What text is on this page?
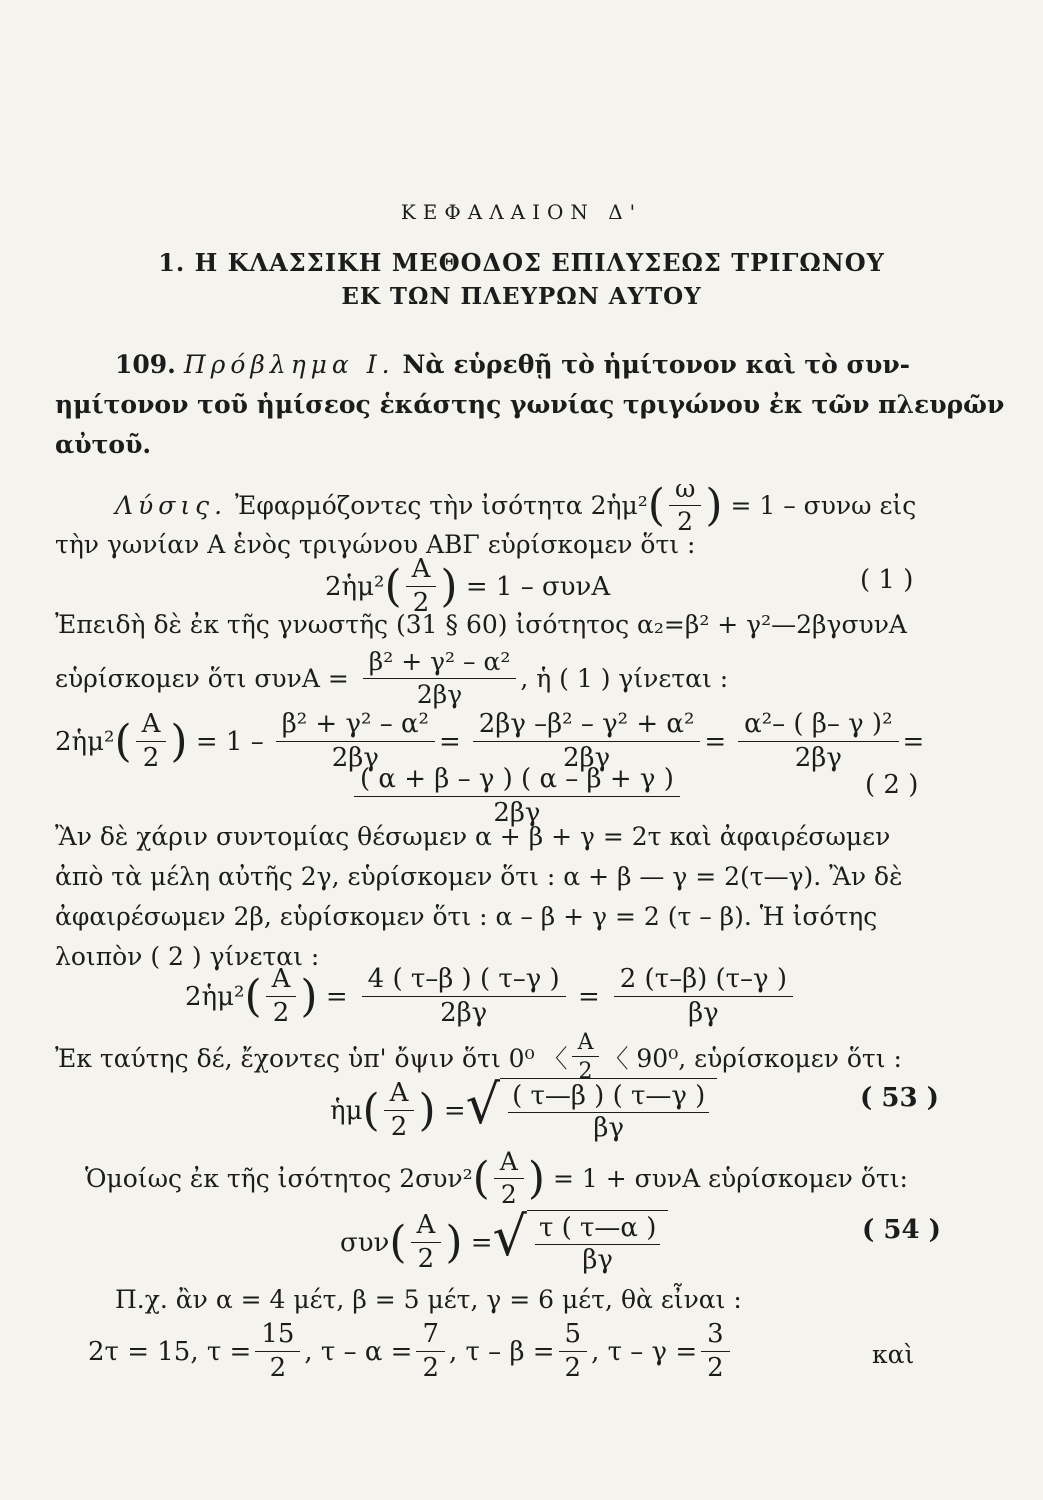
ΚΕΦΑΛΑΙΟΝ Δ'
1. Η ΚΛΑΣΣΙΚΗ ΜΕΘΟΔΟΣ ΕΠΙΛΥΣΕΩΣ ΤΡΙΓΩΝΟΥ
ΕΚ ΤΩΝ ΠΛΕΥΡΩΝ ΑΥΤΟΥ
109. Πρόβλημα Ι. Νὰ εὑρεθῇ τὸ ἡμίτονον καὶ τὸ συν-
ημίτονον τοῦ ἡμίσεος ἑκάστης γωνίας τριγώνου ἐκ τῶν πλευρῶν
αὐτοῦ.
Λύσις.
Ἐφαρμόζοντες τὴν ἰσότητα 2ἡμ² ( $\frac{\omega}{2}$ )
= 1 – συνω εἰς
τὴν γωνίαν Α ἑνὸς τριγώνου ΑΒΓ εὑρίσκομεν ὅτι :
2ἡμ² ( $\frac{A}{2}$ )
= 1 – συνΑ	( 1 )
Ἐπειδὴ δὲ ἐκ τῆς γνωστῆς (31 § 60) ἰσότητος α₂=β² + γ²—2βγσυνΑ
εὑρίσκομεν ὅτι $\sigma\upsilon\nu A = \frac{\text{β² + γ² – α²}}{2\beta\gamma}$ , ἡ ( 1 ) γίνεται :
2ἡμ² ( $\frac{A}{2}$ )
= $1 - \frac{\text{β² + γ² – α²}}{2\beta\gamma} = \frac{\text{2βγ –β² – γ² + α²}}{2\beta\gamma} = \frac{\text{α²– ( β– γ )²}}{2\beta\gamma}$ =
$\frac{( \alpha + \beta - \gamma ) ( \alpha - \beta + \gamma )}{2\beta\gamma}$	( 2 )
Ἂν δὲ χάριν συντομίας θέσωμεν α + β + γ = 2τ καὶ ἀφαιρέσωμεν
ἀπὸ τὰ μέλη αὐτῆς 2γ, εὑρίσκομεν ὅτι : α + β — γ = 2(τ—γ). Ἂν δὲ
ἀφαιρέσωμεν 2β, εὑρίσκομεν ὅτι : α – β + γ = 2 (τ – β). Ἡ ἰσότης
λοιπὸν ( 2 ) γίνεται :
2ἡμ² ( $\frac{A}{2}$ ) = $\frac{4 ( \tau-\beta ) ( \tau-\gamma )}{2\beta\gamma} = \frac{2 (\tau-\beta) (\tau-\gamma )}{\beta\gamma}$
Ἐκ ταύτης δέ, ἔχοντες ὑπ' ὄψιν ὅτι 0⁰ 〈 $\frac{A}{2}$ 〈 90⁰, εὑρίσκομεν ὅτι :
ἡμ ( $\frac{A}{2}$ ) = √ $\frac{( \tau—\beta ) ( \tau—\gamma )}{\beta\gamma}$	( 53 )
Ὁμοίως ἐκ τῆς ἰσότητος 2συν² ( $\frac{A}{2}$ )
= 1 + συνΑ εὑρίσκομεν ὅτι:
συν ( $\frac{A}{2}$ ) = √ $\frac{\tau ( \tau—\alpha )}{\beta\gamma}$	( 54 )
Π.χ. ἂν α = 4 μέτ, β = 5 μέτ, γ = 6 μέτ, θὰ εἶναι :
2τ = 15, $\tau = \frac{15}{2}$ , $\tau - \alpha = \frac{7}{2}$ , $\tau - \beta = \frac{5}{2}$ , $\tau - \gamma = \frac{3}{2}$	καὶ
